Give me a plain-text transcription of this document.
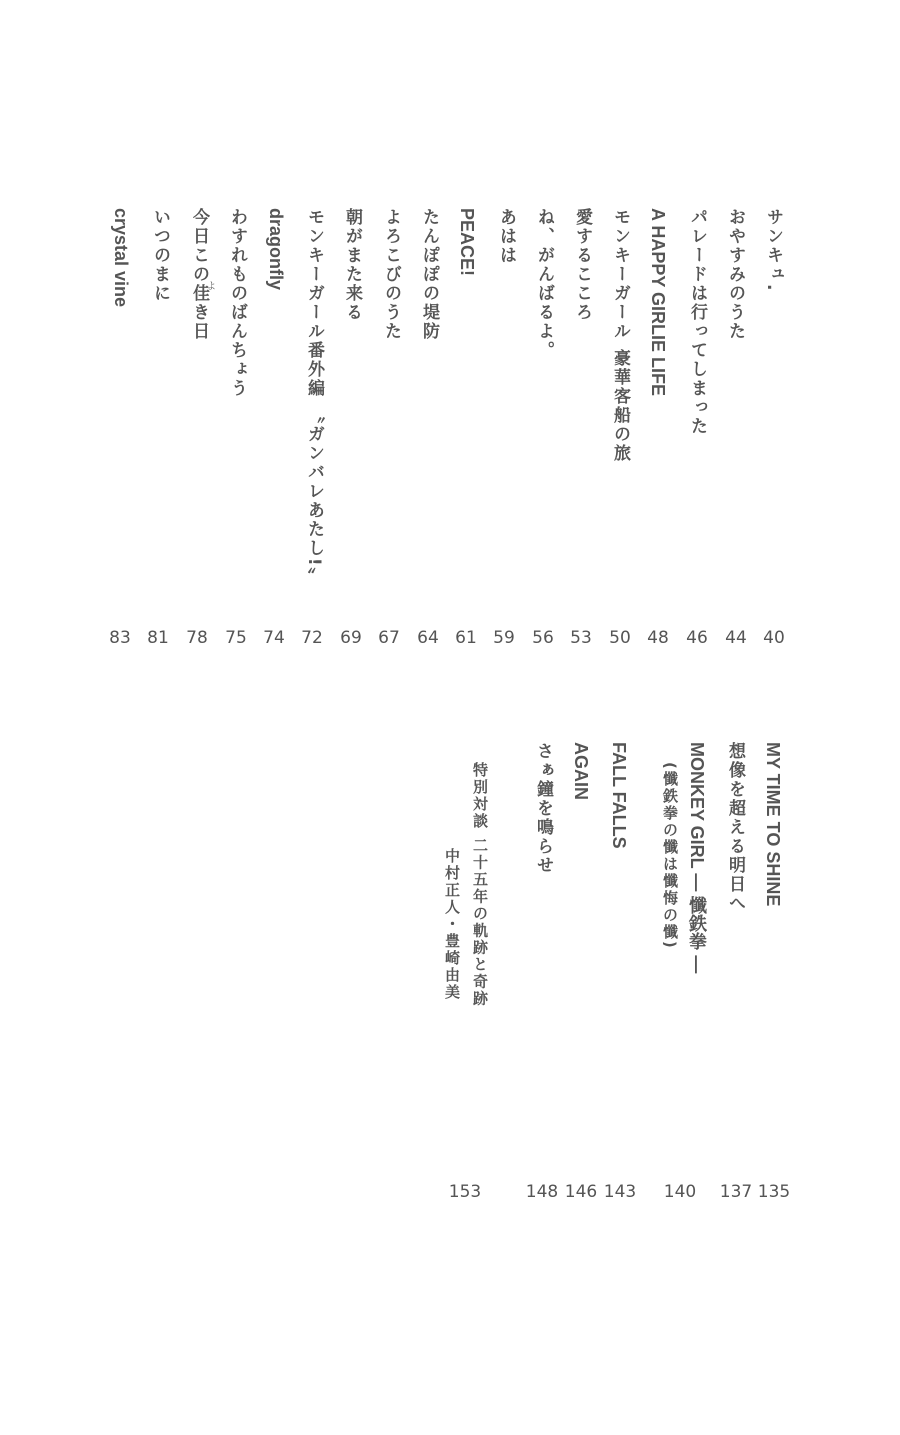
サンキュ.
40
おやすみのうた
44
パレードは行ってしまった
46
A HAPPY GIRLIE LIFE
48
モンキーガール 豪華客船の旅
50
愛するこころ
53
ね、がんばるよ。
56
あはは
59
PEACE!
61
たんぽぽの堤防
64
よろこびのうた
67
朝がまた来る
69
モンキーガール番外編 〝ガンバレあたし!〟
72
dragonfly
74
わすれものばんちょう
75
今日この佳き日
よ
78
いつのまに
81
crystal vine
83
MY TIME TO SHINE
135
想像を超える明日へ
137
MONKEY GIRL ― 懺鉄拳 ―
(懺鉄拳の懺は懺悔の懺)
140
FALL FALLS
143
AGAIN
146
さぁ鐘を鳴らせ
148
特別対談 二十五年の軌跡と奇跡
中村正人・豊崎由美
153
